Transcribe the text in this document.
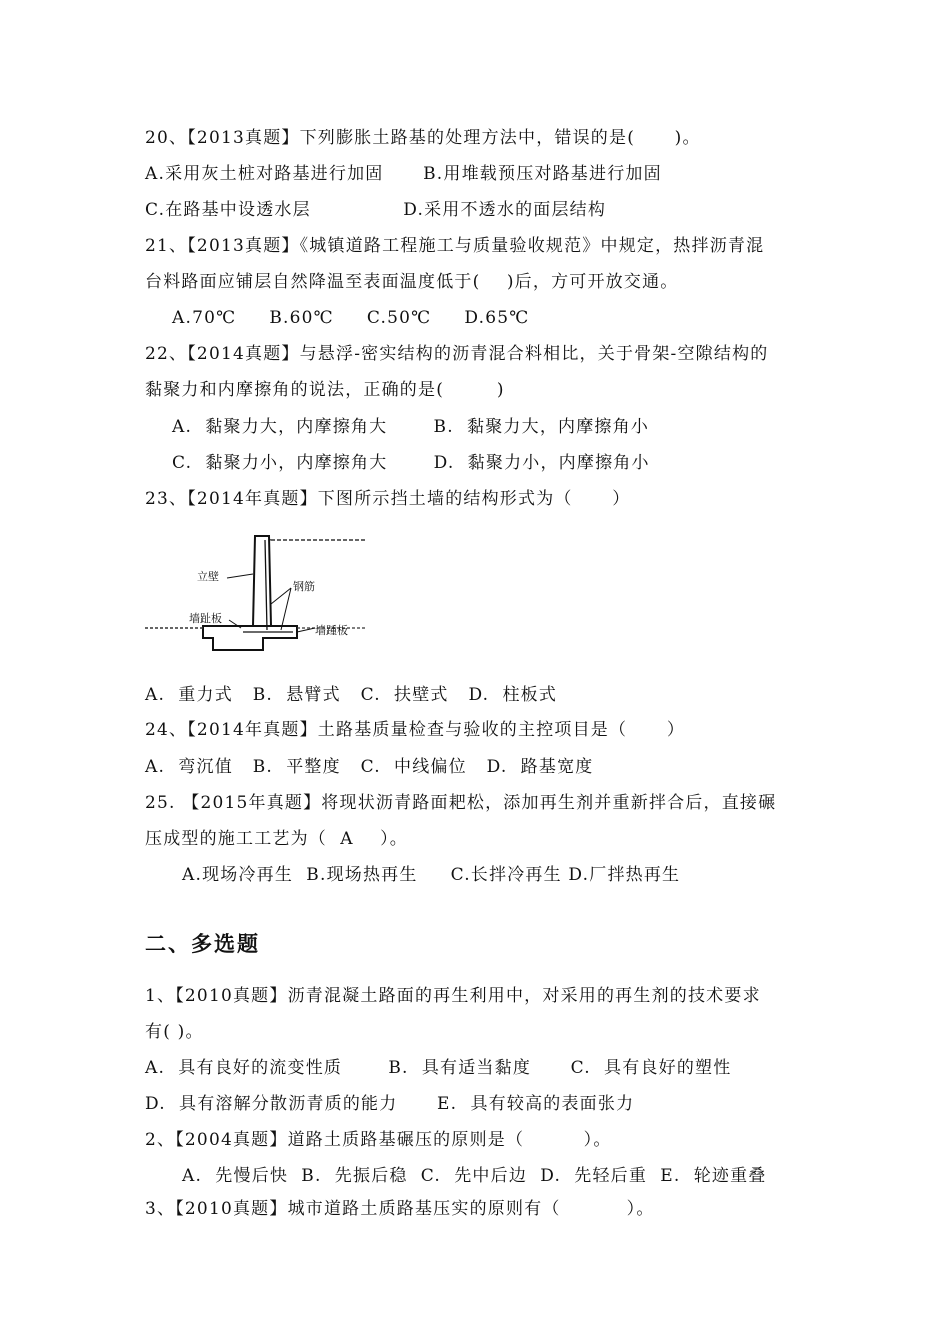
20、【2013真题】下列膨胀土路基的处理方法中，错误的是(      )。
A.采用灰土桩对路基进行加固      B.用堆载预压对路基进行加固
C.在路基中设透水层              D.采用不透水的面层结构
21、【2013真题】《城镇道路工程施工与质量验收规范》中规定，热拌沥青混
台料路面应铺层自然降温至表面温度低于(    )后，方可开放交通。
A.70℃     B.60℃     C.50℃     D.65℃
22、【2014真题】与悬浮-密实结构的沥青混合料相比，关于骨架-空隙结构的
黏聚力和内摩擦角的说法，正确的是(        )
A.  黏聚力大，内摩擦角大       B.  黏聚力大，内摩擦角小
C.  黏聚力小，内摩擦角大       D.  黏聚力小，内摩擦角小
23、【2014年真题】下图所示挡土墙的结构形式为（      ）
立壁
钢筋
墙趾板
墙踵板
A.  重力式   B.  悬臂式   C.  扶壁式   D.  柱板式
24、【2014年真题】土路基质量检查与验收的主控项目是（      ）
A.  弯沉值   B.  平整度   C.  中线偏位   D.  路基宽度
25. 【2015年真题】将现状沥青路面耙松，添加再生剂并重新拌合后，直接碾
压成型的施工工艺为（  A    ）。
A.现场冷再生  B.现场热再生     C.长拌冷再生 D.厂拌热再生
二、多选题
1、【2010真题】沥青混凝土路面的再生利用中，对采用的再生剂的技术要求
有( )。
A.  具有良好的流变性质       B.  具有适当黏度      C.  具有良好的塑性
D.  具有溶解分散沥青质的能力      E.  具有较高的表面张力
2、【2004真题】道路土质路基碾压的原则是（         ）。
A.  先慢后快  B.  先振后稳  C.  先中后边  D.  先轻后重  E.  轮迹重叠
3、【2010真题】城市道路土质路基压实的原则有（          ）。
